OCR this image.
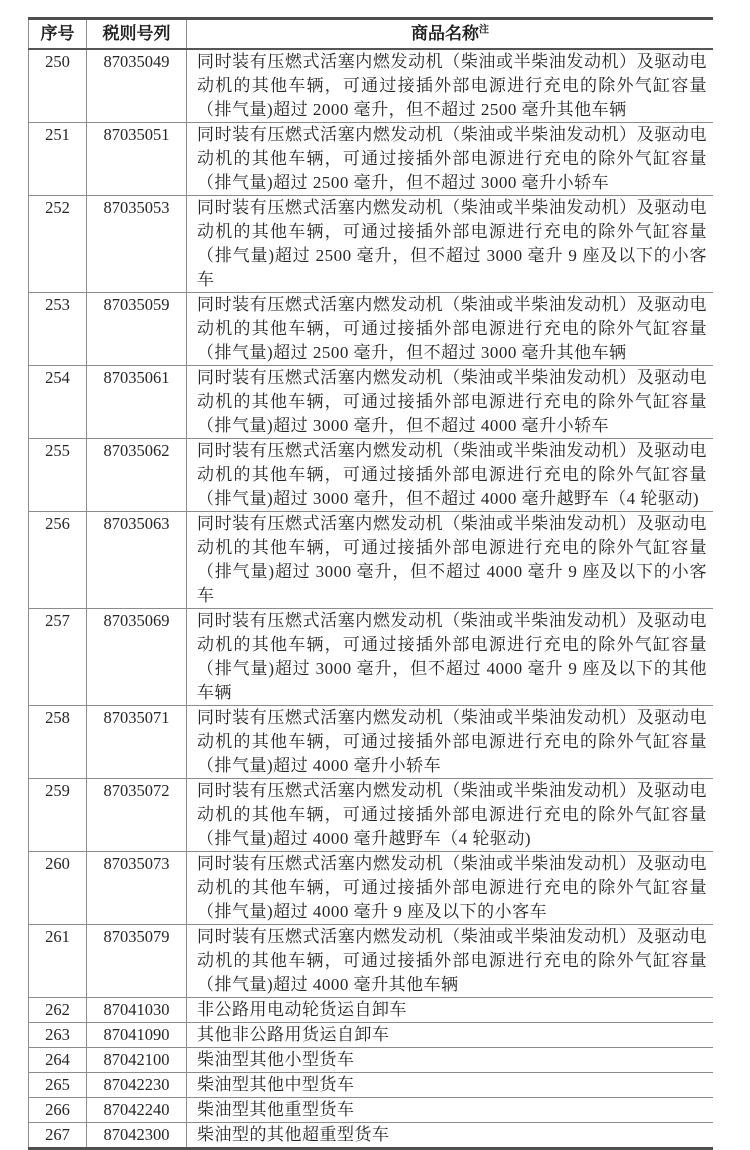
序号	税则号列	商品名称$^注$
250	87035049	同时装有压燃式活塞内燃发动机（柴油或半柴油发动机）及驱动电动机的其他车辆，可通过接插外部电源进行充电的除外气缸容量（排气量)超过 2000 毫升，但不超过 2500 毫升其他车辆
251	87035051	同时装有压燃式活塞内燃发动机（柴油或半柴油发动机）及驱动电动机的其他车辆，可通过接插外部电源进行充电的除外气缸容量（排气量)超过 2500 毫升，但不超过 3000 毫升小轿车
252	87035053	同时装有压燃式活塞内燃发动机（柴油或半柴油发动机）及驱动电动机的其他车辆，可通过接插外部电源进行充电的除外气缸容量（排气量)超过 2500 毫升，但不超过 3000 毫升 9 座及以下的小客车
253	87035059	同时装有压燃式活塞内燃发动机（柴油或半柴油发动机）及驱动电动机的其他车辆，可通过接插外部电源进行充电的除外气缸容量（排气量)超过 2500 毫升，但不超过 3000 毫升其他车辆
254	87035061	同时装有压燃式活塞内燃发动机（柴油或半柴油发动机）及驱动电动机的其他车辆，可通过接插外部电源进行充电的除外气缸容量（排气量)超过 3000 毫升，但不超过 4000 毫升小轿车
255	87035062	同时装有压燃式活塞内燃发动机（柴油或半柴油发动机）及驱动电动机的其他车辆，可通过接插外部电源进行充电的除外气缸容量（排气量)超过 3000 毫升，但不超过 4000 毫升越野车（4 轮驱动)
256	87035063	同时装有压燃式活塞内燃发动机（柴油或半柴油发动机）及驱动电动机的其他车辆，可通过接插外部电源进行充电的除外气缸容量（排气量)超过 3000 毫升，但不超过 4000 毫升 9 座及以下的小客车
257	87035069	同时装有压燃式活塞内燃发动机（柴油或半柴油发动机）及驱动电动机的其他车辆，可通过接插外部电源进行充电的除外气缸容量（排气量)超过 3000 毫升，但不超过 4000 毫升 9 座及以下的其他车辆
258	87035071	同时装有压燃式活塞内燃发动机（柴油或半柴油发动机）及驱动电动机的其他车辆，可通过接插外部电源进行充电的除外气缸容量（排气量)超过 4000 毫升小轿车
259	87035072	同时装有压燃式活塞内燃发动机（柴油或半柴油发动机）及驱动电动机的其他车辆，可通过接插外部电源进行充电的除外气缸容量（排气量)超过 4000 毫升越野车（4 轮驱动)
260	87035073	同时装有压燃式活塞内燃发动机（柴油或半柴油发动机）及驱动电动机的其他车辆，可通过接插外部电源进行充电的除外气缸容量（排气量)超过 4000 毫升 9 座及以下的小客车
261	87035079	同时装有压燃式活塞内燃发动机（柴油或半柴油发动机）及驱动电动机的其他车辆，可通过接插外部电源进行充电的除外气缸容量（排气量)超过 4000 毫升其他车辆
262	87041030	非公路用电动轮货运自卸车
263	87041090	其他非公路用货运自卸车
264	87042100	柴油型其他小型货车
265	87042230	柴油型其他中型货车
266	87042240	柴油型其他重型货车
267	87042300	柴油型的其他超重型货车
